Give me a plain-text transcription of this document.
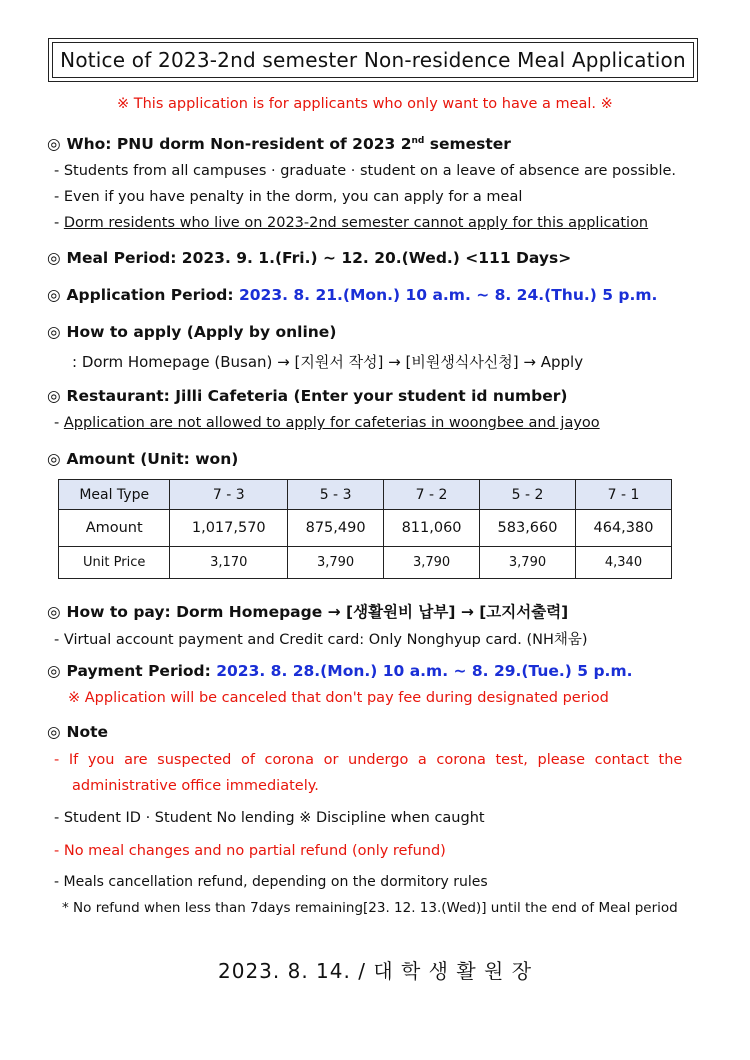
Notice of 2023-2nd semester Non-residence Meal Application
※ This application is for applicants who only want to have a meal. ※
◎ Who: PNU dorm Non-resident of 2023 2nd semester
- Students from all campuses · graduate · student on a leave of absence are possible.
- Even if you have penalty in the dorm, you can apply for a meal
- Dorm residents who live on 2023-2nd semester cannot apply for this application
◎ Meal Period: 2023. 9. 1.(Fri.) ~ 12. 20.(Wed.) <111 Days>
◎ Application Period: 2023. 8. 21.(Mon.) 10 a.m. ~ 8. 24.(Thu.) 5 p.m.
◎ How to apply (Apply by online)
: Dorm Homepage (Busan) → [지원서 작성] → [비원생식사신청] → Apply
◎ Restaurant: Jilli Cafeteria (Enter your student id number)
- Application are not allowed to apply for cafeterias in woongbee and jayoo
◎ Amount (Unit: won)
Meal Type	7 - 3	5 - 3	7 - 2	5 - 2	7 - 1
Amount	1,017,570	875,490	811,060	583,660	464,380
Unit Price	3,170	3,790	3,790	3,790	4,340
◎ How to pay: Dorm Homepage → [생활원비 납부] → [고지서출력]
- Virtual account payment and Credit card: Only Nonghyup card. (NH채움)
◎ Payment Period: 2023. 8. 28.(Mon.) 10 a.m. ~ 8. 29.(Tue.) 5 p.m.
※ Application will be canceled that don't pay fee during designated period
◎ Note
- If you are suspected of corona or undergo a corona test, please contact the
administrative office immediately.
- Student ID · Student No lending ※ Discipline when caught
- No meal changes and no partial refund (only refund)
- Meals cancellation refund, depending on the dormitory rules
* No refund when less than 7days remaining[23. 12. 13.(Wed)] until the end of Meal period
2023. 8. 14. / 대 학 생 활 원 장
